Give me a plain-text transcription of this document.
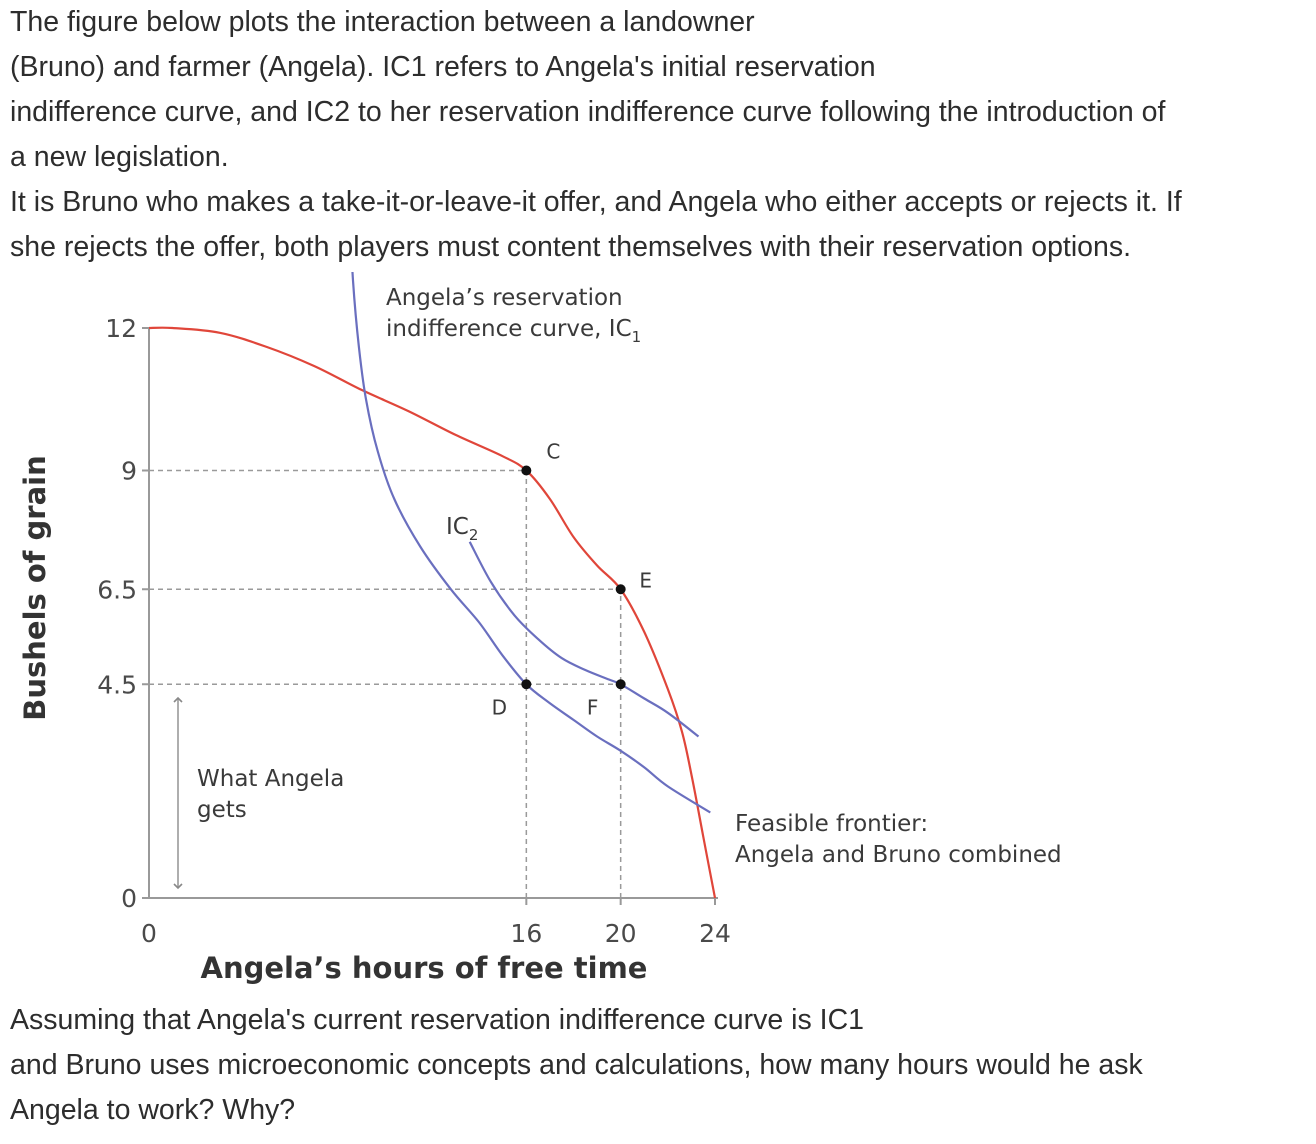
The figure below plots the interaction between a landowner
(Bruno) and farmer (Angela). IC1 refers to Angela's initial reservation
indifference curve, and IC2 to her reservation indifference curve following the introduction of
a new legislation.
It is Bruno who makes a take-it-or-leave-it offer, and Angela who either accepts or rejects it. If
she rejects the offer, both players must content themselves with their reservation options.
0
4.5
6.5
9
12
0	16	20	24
C
E
D	F
What Angela
gets
Angela’s reservation
indifference curve, $IC_1$
$IC_2$
Feasible frontier:
Angela and Bruno combined
Angela’s hours of free time
Bushels of grain
Assuming that Angela's current reservation indifference curve is IC1
and Bruno uses microeconomic concepts and calculations, how many hours would he ask
Angela to work? Why?
